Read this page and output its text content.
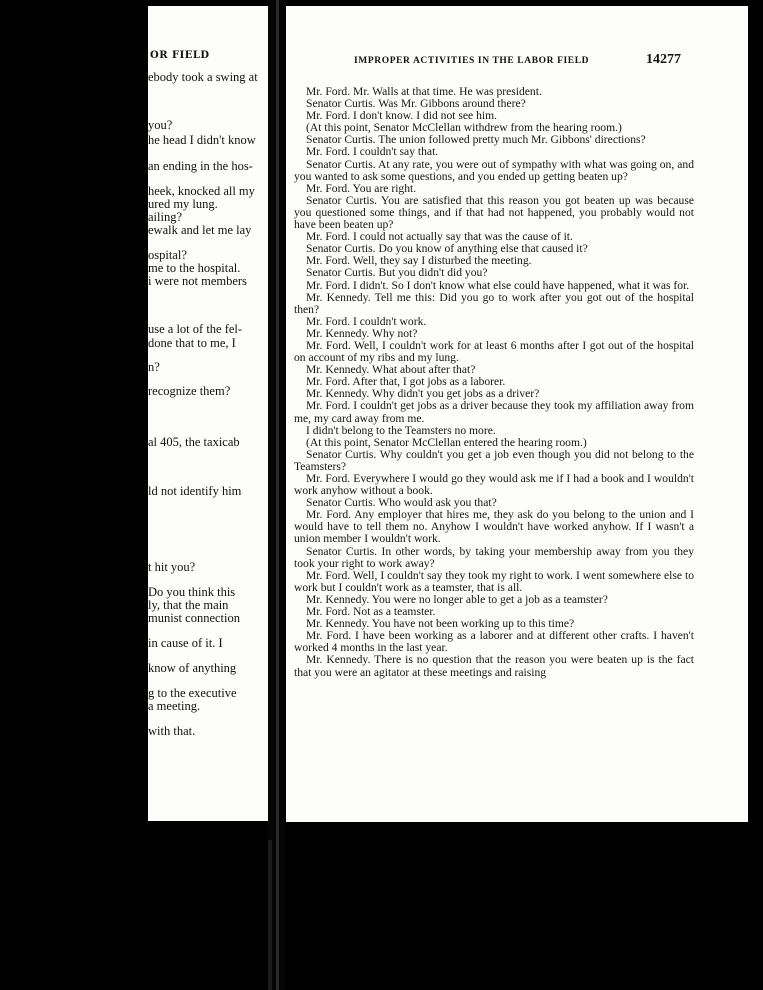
OR FIELD
ebody took a swing at
you?
he head I didn't know
an ending in the hos-
heek, knocked all my
ured my lung.
ailing?
ewalk and let me lay
ospital?
me to the hospital.
i were not members
use a lot of the fel-
done that to me, I
n?
recognize them?
al 405, the taxicab
ld not identify him
t hit you?
Do you think this
ly, that the main
munist connection
in cause of it. I
know of anything
g to the executive
a meeting.
with that.
IMPROPER ACTIVITIES IN THE LABOR FIELD	14277

Mr. Ford. Mr. Walls at that time. He was president.

Senator Curtis. Was Mr. Gibbons around there?

Mr. Ford. I don't know. I did not see him.

(At this point, Senator McClellan withdrew from the hearing room.)

Senator Curtis. The union followed pretty much Mr. Gibbons' directions?

Mr. Ford. I couldn't say that.

Senator Curtis. At any rate, you were out of sympathy with what was going on, and you wanted to ask some questions, and you ended up getting beaten up?

Mr. Ford. You are right.

Senator Curtis. You are satisfied that this reason you got beaten up was because you questioned some things, and if that had not happened, you probably would not have been beaten up?

Mr. Ford. I could not actually say that was the cause of it.

Senator Curtis. Do you know of anything else that caused it?

Mr. Ford. Well, they say I disturbed the meeting.

Senator Curtis. But you didn't did you?

Mr. Ford. I didn't. So I don't know what else could have happened, what it was for.

Mr. Kennedy. Tell me this: Did you go to work after you got out of the hospital then?

Mr. Ford. I couldn't work.

Mr. Kennedy. Why not?

Mr. Ford. Well, I couldn't work for at least 6 months after I got out of the hospital on account of my ribs and my lung.

Mr. Kennedy. What about after that?

Mr. Ford. After that, I got jobs as a laborer.

Mr. Kennedy. Why didn't you get jobs as a driver?

Mr. Ford. I couldn't get jobs as a driver because they took my affiliation away from me, my card away from me.

I didn't belong to the Teamsters no more.

(At this point, Senator McClellan entered the hearing room.)

Senator Curtis. Why couldn't you get a job even though you did not belong to the Teamsters?

Mr. Ford. Everywhere I would go they would ask me if I had a book and I wouldn't work anyhow without a book.

Senator Curtis. Who would ask you that?

Mr. Ford. Any employer that hires me, they ask do you belong to the union and I would have to tell them no. Anyhow I wouldn't have worked anyhow. If I wasn't a union member I wouldn't work.

Senator Curtis. In other words, by taking your membership away from you they took your right to work away?

Mr. Ford. Well, I couldn't say they took my right to work. I went somewhere else to work but I couldn't work as a teamster, that is all.

Mr. Kennedy. You were no longer able to get a job as a teamster?

Mr. Ford. Not as a teamster.

Mr. Kennedy. You have not been working up to this time?

Mr. Ford. I have been working as a laborer and at different other crafts. I haven't worked 4 months in the last year.

Mr. Kennedy. There is no question that the reason you were beaten up is the fact that you were an agitator at these meetings and raising
